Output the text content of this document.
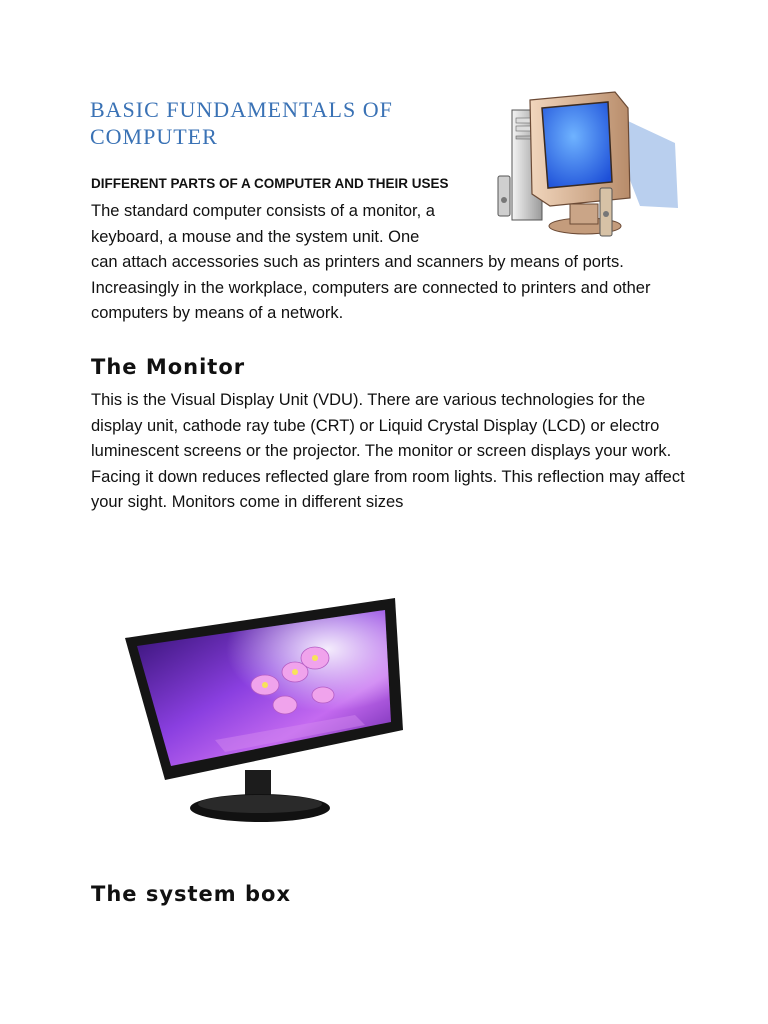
BASIC FUNDAMENTALS OF COMPUTER

DIFFERENT PARTS OF A COMPUTER AND THEIR USES

The standard computer consists of a monitor, a keyboard, a mouse and the system unit. One

can attach accessories such as printers and scanners by means of ports. Increasingly in the workplace, computers are connected to printers and other computers by means of a network.

The Monitor

This is the Visual Display Unit (VDU). There are various technologies for the display unit, cathode ray tube (CRT) or Liquid Crystal Display (LCD) or electro luminescent screens or the projector. The monitor or screen displays your work. Facing it down reduces reflected glare from room lights. This reflection may affect your sight. Monitors come in different sizes

The system box
